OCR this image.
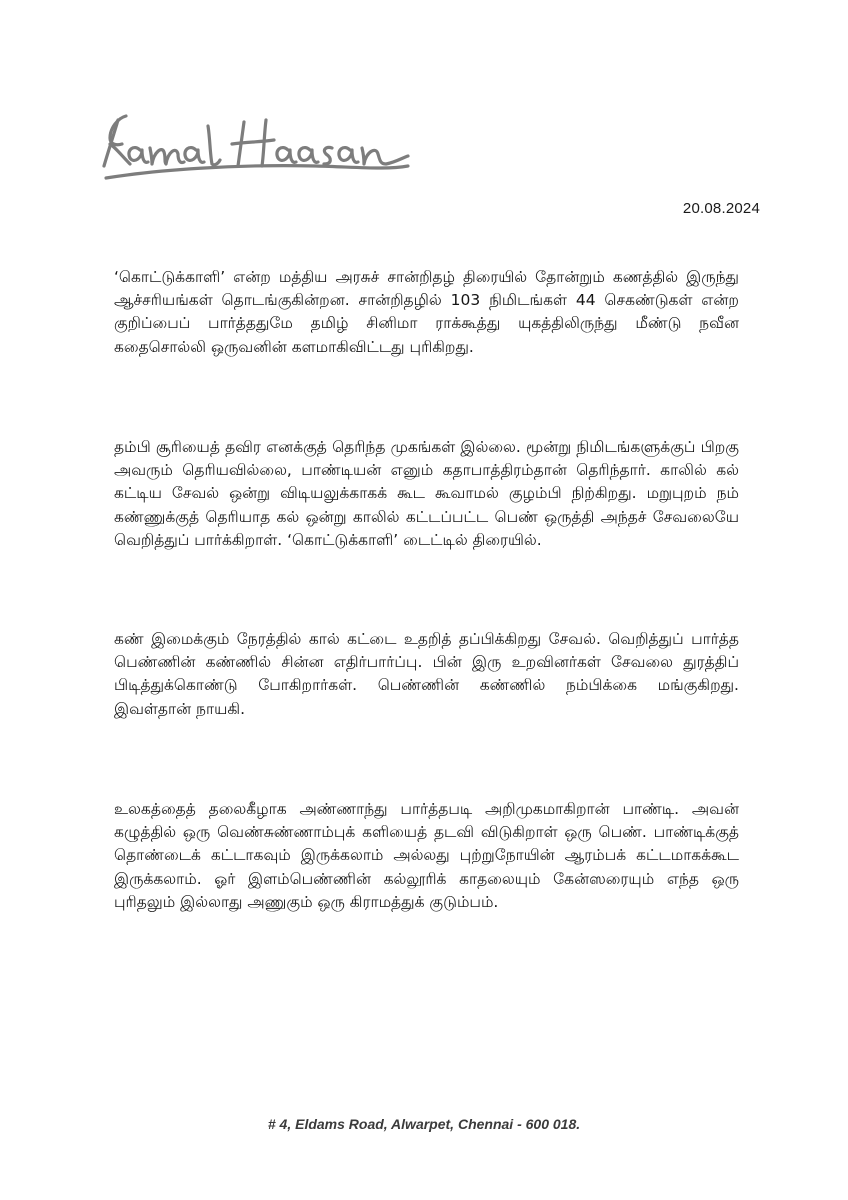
20.08.2024

‘கொட்டுக்காளி’ என்ற மத்திய அரசுச் சான்றிதழ் திரையில் தோன்றும் கணத்தில் இருந்து ஆச்சரியங்கள் தொடங்குகின்றன. சான்றிதழில் 103 நிமிடங்கள் 44 செகண்டுகள் என்ற குறிப்பைப் பார்த்ததுமே தமிழ் சினிமா ராக்கூத்து யுகத்திலிருந்து மீண்டு நவீன கதைசொல்லி ஒருவனின் களமாகிவிட்டது புரிகிறது.

தம்பி சூரியைத் தவிர எனக்குத் தெரிந்த முகங்கள் இல்லை. மூன்று நிமிடங்களுக்குப் பிறகு அவரும் தெரியவில்லை, பாண்டியன் எனும் கதாபாத்திரம்தான் தெரிந்தார். காலில் கல் கட்டிய சேவல் ஒன்று விடியலுக்காகக் கூட கூவாமல் குழம்பி நிற்கிறது. மறுபுறம் நம் கண்ணுக்குத் தெரியாத கல் ஒன்று காலில் கட்டப்பட்ட பெண் ஒருத்தி அந்தச் சேவலையே வெறித்துப் பார்க்கிறாள். ‘கொட்டுக்காளி’ டைட்டில் திரையில்.

கண் இமைக்கும் நேரத்தில் கால் கட்டை உதறித் தப்பிக்கிறது சேவல். வெறித்துப் பார்த்த பெண்ணின் கண்ணில் சின்ன எதிர்பார்ப்பு. பின் இரு உறவினர்கள் சேவலை துரத்திப் பிடித்துக்கொண்டு போகிறார்கள். பெண்ணின் கண்ணில் நம்பிக்கை மங்குகிறது. இவள்தான் நாயகி.

உலகத்தைத் தலைகீழாக அண்ணாந்து பார்த்தபடி அறிமுகமாகிறான் பாண்டி. அவன் கழுத்தில் ஒரு வெண்சுண்ணாம்புக் களியைத் தடவி விடுகிறாள் ஒரு பெண். பாண்டிக்குத் தொண்டைக் கட்டாகவும் இருக்கலாம் அல்லது புற்றுநோயின் ஆரம்பக் கட்டமாகக்கூட இருக்கலாம். ஓர் இளம்பெண்ணின் கல்லூரிக் காதலையும் கேன்ஸரையும் எந்த ஒரு புரிதலும் இல்லாது அணுகும் ஒரு கிராமத்துக் குடும்பம்.

# 4, Eldams Road, Alwarpet, Chennai - 600 018.
